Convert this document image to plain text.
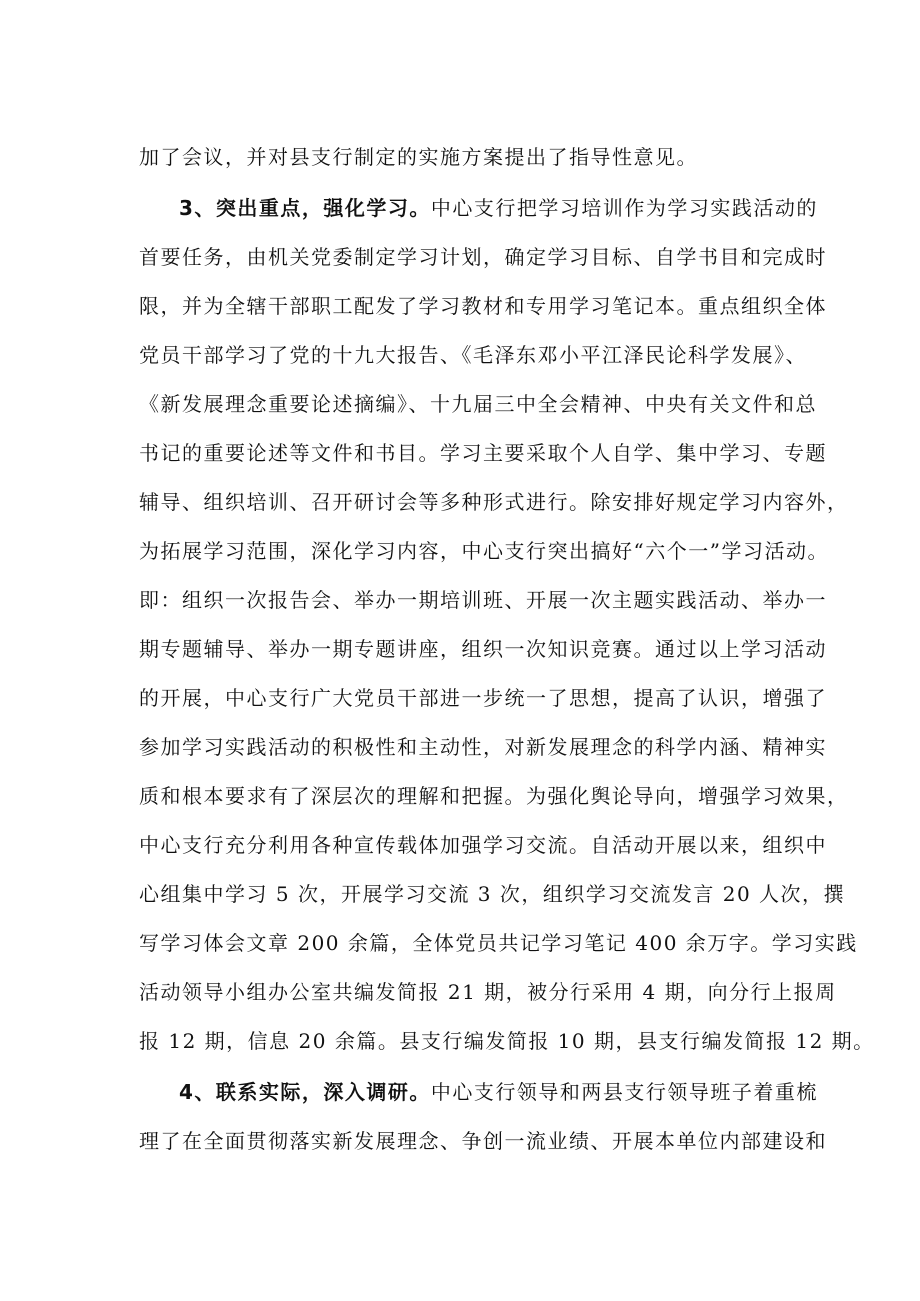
加了会议，并对县支行制定的实施方案提出了指导性意见。
3、突出重点，强化学习。中心支行把学习培训作为学习实践活动的
首要任务，由机关党委制定学习计划，确定学习目标、自学书目和完成时
限，并为全辖干部职工配发了学习教材和专用学习笔记本。重点组织全体
党员干部学习了党的十九大报告、《毛泽东邓小平江泽民论科学发展》、
《新发展理念重要论述摘编》、十九届三中全会精神、中央有关文件和总
书记的重要论述等文件和书目。学习主要采取个人自学、集中学习、专题
辅导、组织培训、召开研讨会等多种形式进行。除安排好规定学习内容外，
为拓展学习范围，深化学习内容，中心支行突出搞好“六个一”学习活动。
即：组织一次报告会、举办一期培训班、开展一次主题实践活动、举办一
期专题辅导、举办一期专题讲座，组织一次知识竞赛。通过以上学习活动
的开展，中心支行广大党员干部进一步统一了思想，提高了认识，增强了
参加学习实践活动的积极性和主动性，对新发展理念的科学内涵、精神实
质和根本要求有了深层次的理解和把握。为强化舆论导向，增强学习效果，
中心支行充分利用各种宣传载体加强学习交流。自活动开展以来，组织中
心组集中学习 5 次，开展学习交流 3 次，组织学习交流发言 20 人次，撰
写学习体会文章 200 余篇，全体党员共记学习笔记 400 余万字。学习实践
活动领导小组办公室共编发简报 21 期，被分行采用 4 期，向分行上报周
报 12 期，信息 20 余篇。县支行编发简报 10 期，县支行编发简报 12 期。
4、联系实际，深入调研。中心支行领导和两县支行领导班子着重梳
理了在全面贯彻落实新发展理念、争创一流业绩、开展本单位内部建设和
